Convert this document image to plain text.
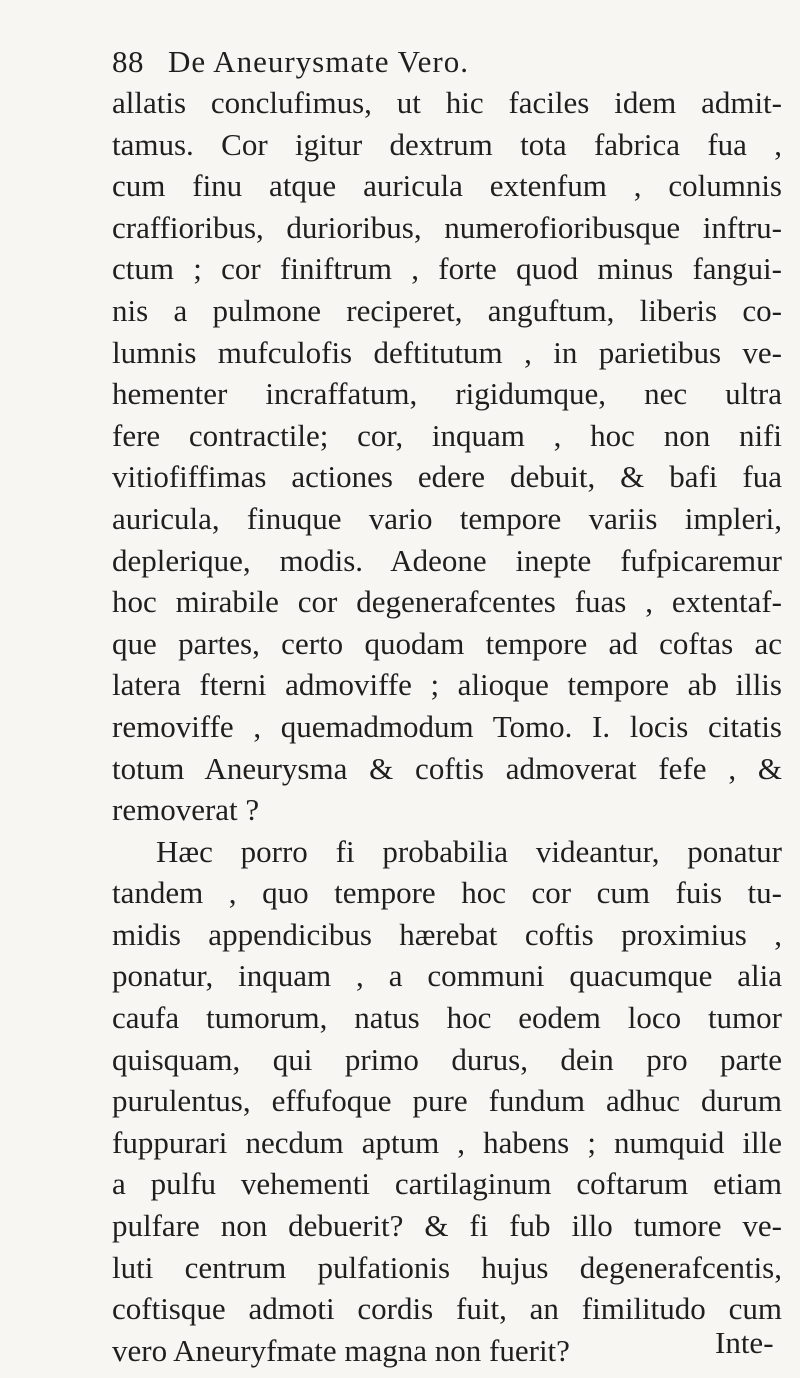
88 De Aneurysmate Vero.
allatis conclufimus, ut hic faciles idem admit-
tamus. Cor igitur dextrum tota fabrica fua ,
cum finu atque auricula extenfum , columnis
craffioribus, durioribus, numerofioribusque inftru-
ctum ; cor finiftrum , forte quod minus fangui-
nis a pulmone reciperet, anguftum, liberis co-
lumnis mufculofis deftitutum , in parietibus ve-
hementer incraffatum, rigidumque, nec ultra
fere contractile; cor, inquam , hoc non nifi
vitiofiffimas actiones edere debuit, & bafi fua
auricula, finuque vario tempore variis impleri,
deplerique, modis. Adeone inepte fufpicaremur
hoc mirabile cor degenerafcentes fuas , extentaf-
que partes, certo quodam tempore ad coftas ac
latera fterni admoviffe ; alioque tempore ab illis
removiffe , quemadmodum Tomo. I. locis citatis
totum Aneurysma & coftis admoverat fefe , &
removerat ?
Hæc porro fi probabilia videantur, ponatur
tandem , quo tempore hoc cor cum fuis tu-
midis appendicibus hærebat coftis proximius ,
ponatur, inquam , a communi quacumque alia
caufa tumorum, natus hoc eodem loco tumor
quisquam, qui primo durus, dein pro parte
purulentus, effufoque pure fundum adhuc durum
fuppurari necdum aptum , habens ; numquid ille
a pulfu vehementi cartilaginum coftarum etiam
pulfare non debuerit? & fi fub illo tumore ve-
luti centrum pulfationis hujus degenerafcentis,
coftisque admoti cordis fuit, an fimilitudo cum
vero Aneuryfmate magna non fuerit?	Inte-
